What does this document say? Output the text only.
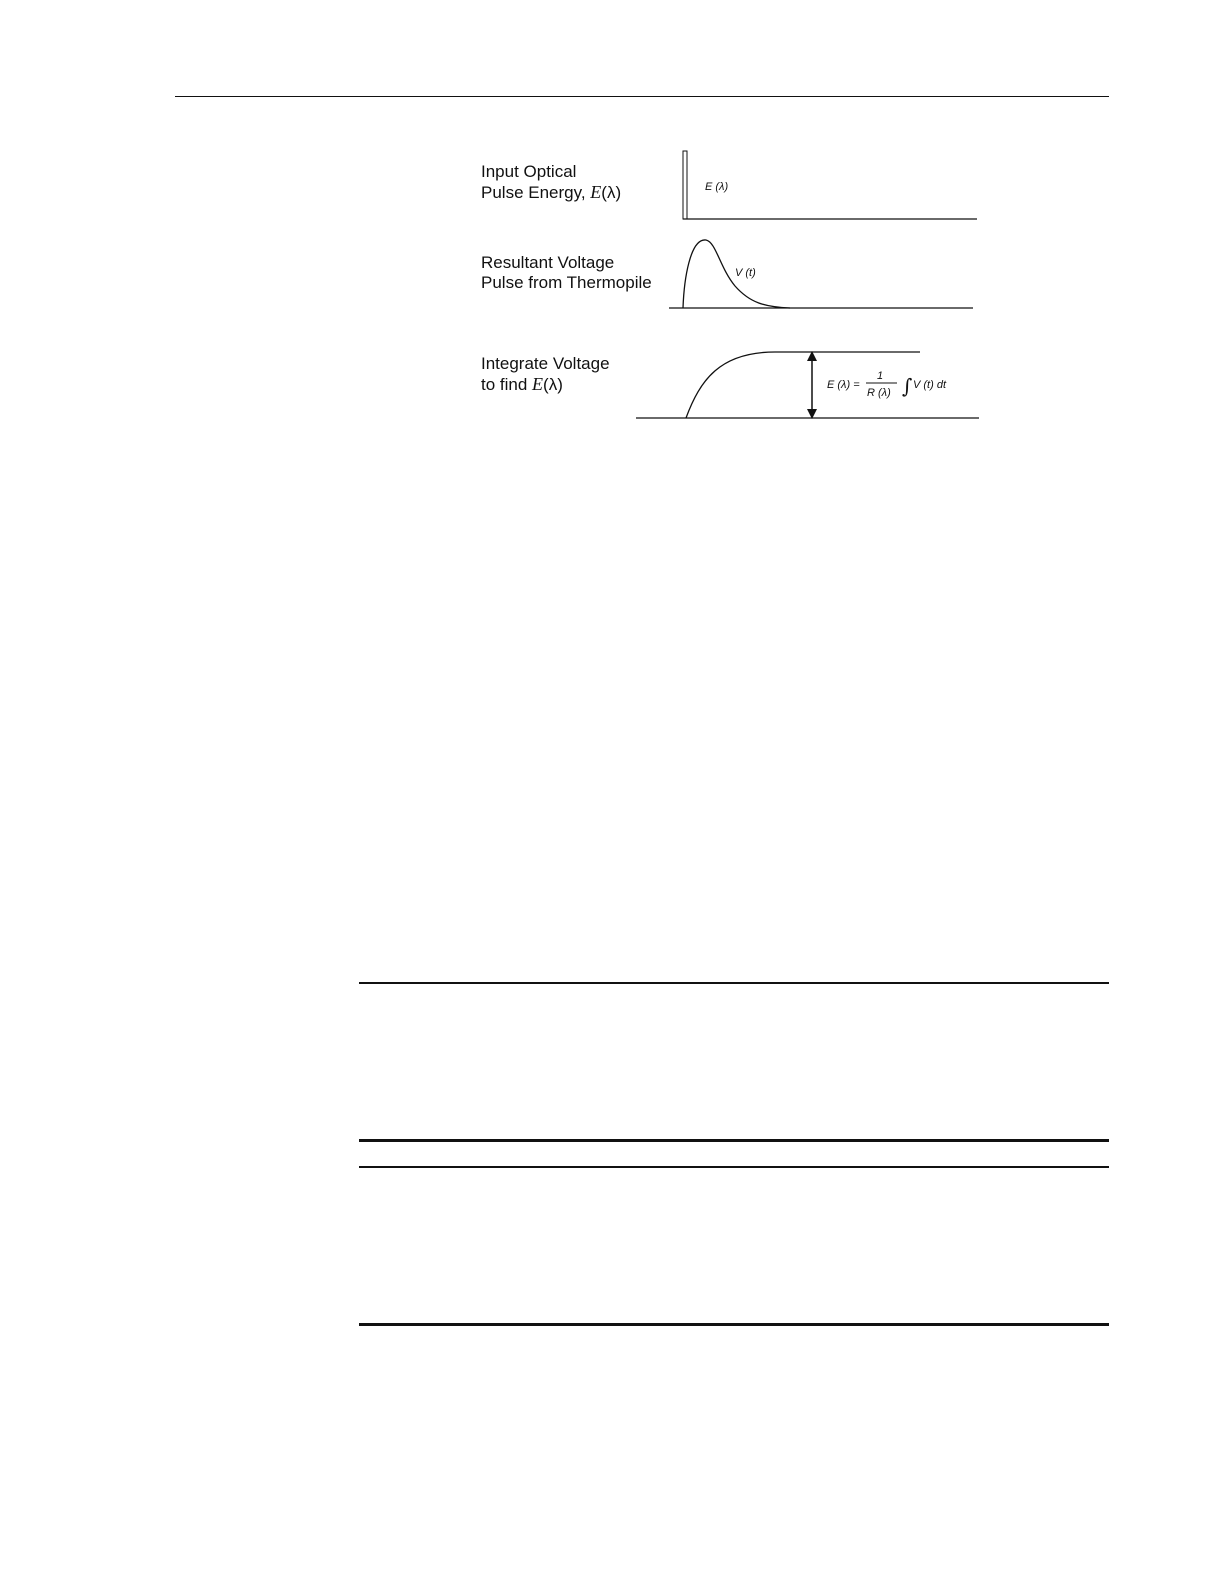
Input Optical
Pulse Energy, E(λ)
Resultant Voltage
Pulse from Thermopile
Integrate Voltage
to find E(λ)
E (λ)
V (t)
E (λ) =
1
R (λ) ∫ V (t) dt
